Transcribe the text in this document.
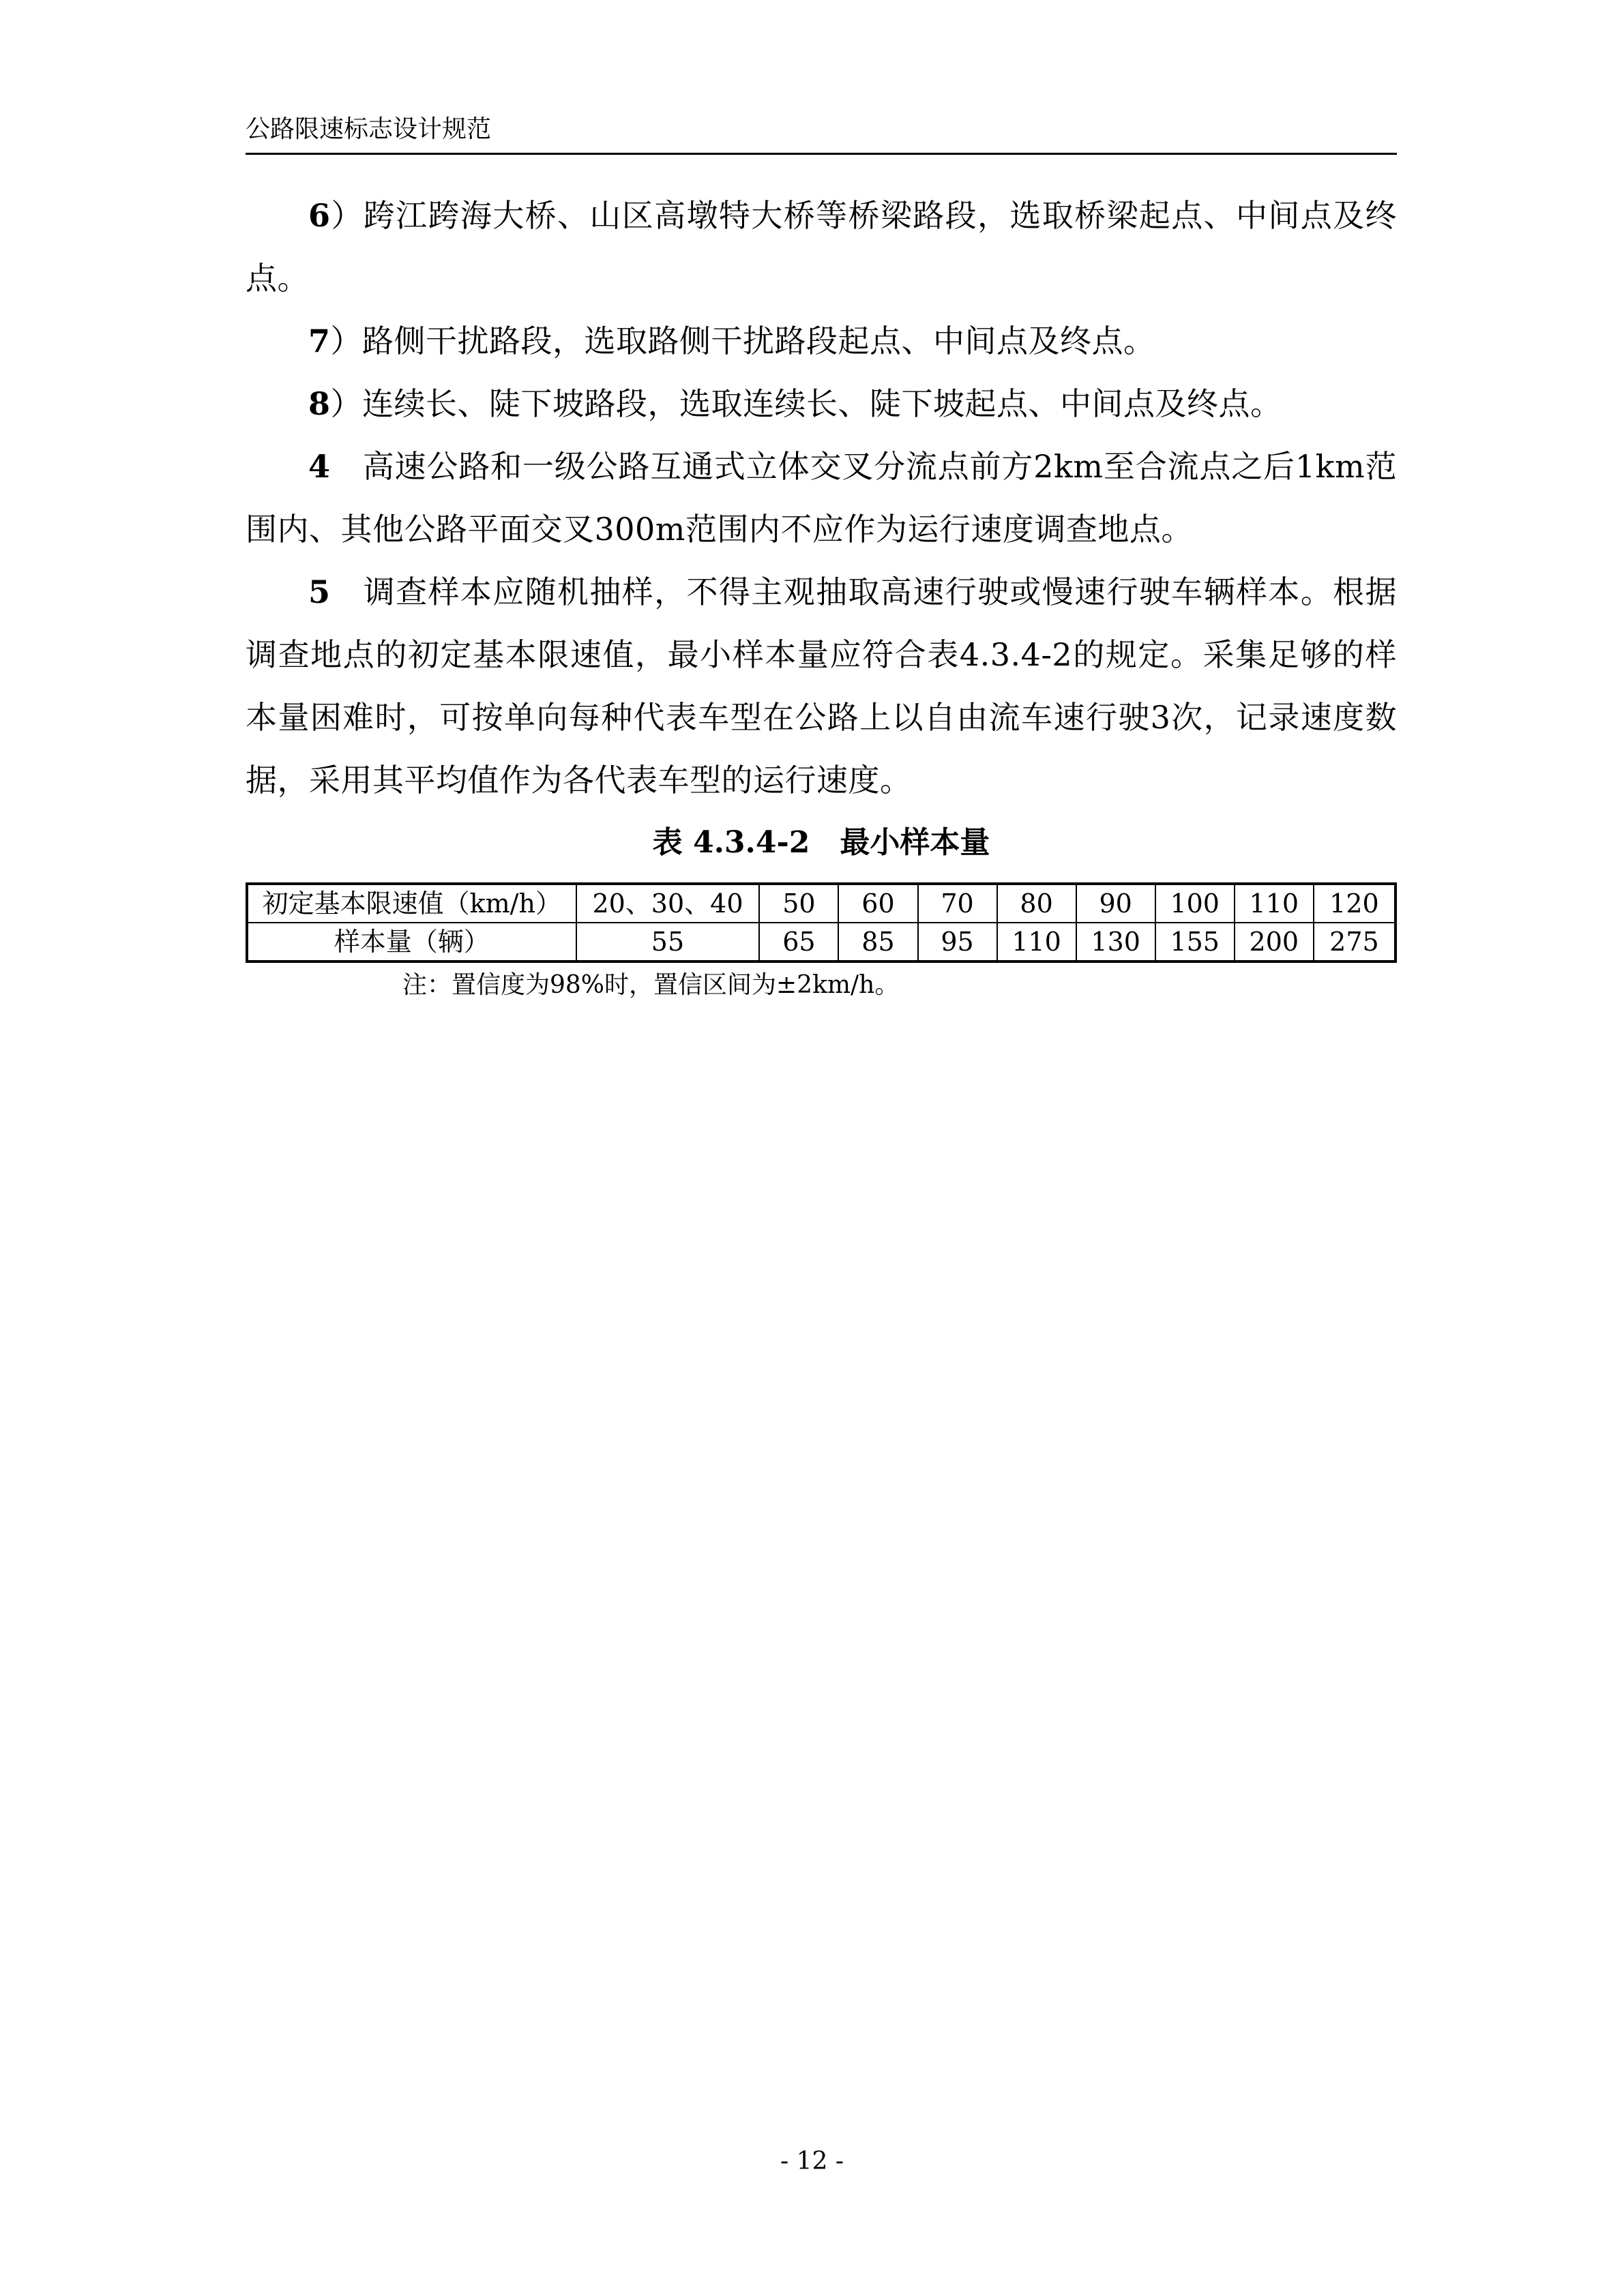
公路限速标志设计规范

6）跨江跨海大桥、山区高墩特大桥等桥梁路段，选取桥梁起点、中间点及终点。

7）路侧干扰路段，选取路侧干扰路段起点、中间点及终点。

8）连续长、陡下坡路段，选取连续长、陡下坡起点、中间点及终点。

4　高速公路和一级公路互通式立体交叉分流点前方2km至合流点之后1km范围内、其他公路平面交叉300m范围内不应作为运行速度调查地点。

5　调查样本应随机抽样，不得主观抽取高速行驶或慢速行驶车辆样本。根据调查地点的初定基本限速值，最小样本量应符合表4.3.4-2的规定。采集足够的样本量困难时，可按单向每种代表车型在公路上以自由流车速行驶3次，记录速度数据，采用其平均值作为各代表车型的运行速度。

表 4.3.4-2 最小样本量

初定基本限速值（km/h）	20、30、40	50	60	70	80	90	100	110	120
样本量（辆）	55	65	85	95	110	130	155	200	275

注：置信度为98%时，置信区间为±2km/h。

- 12 -
